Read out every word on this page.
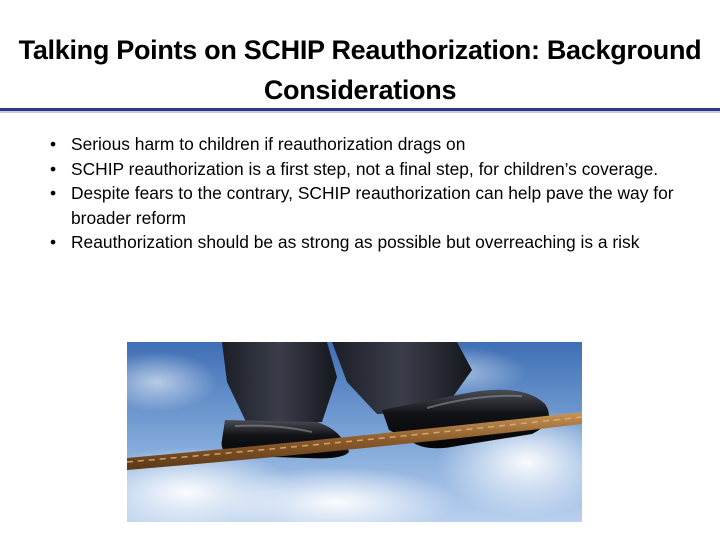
Talking Points on SCHIP Reauthorization: Background
Considerations
• Serious harm to children if reauthorization drags on
• SCHIP reauthorization is a first step, not a final step, for children’s coverage.
• Despite fears to the contrary, SCHIP reauthorization can help pave the way for broader reform
• Reauthorization should be as strong as possible but overreaching is a risk
